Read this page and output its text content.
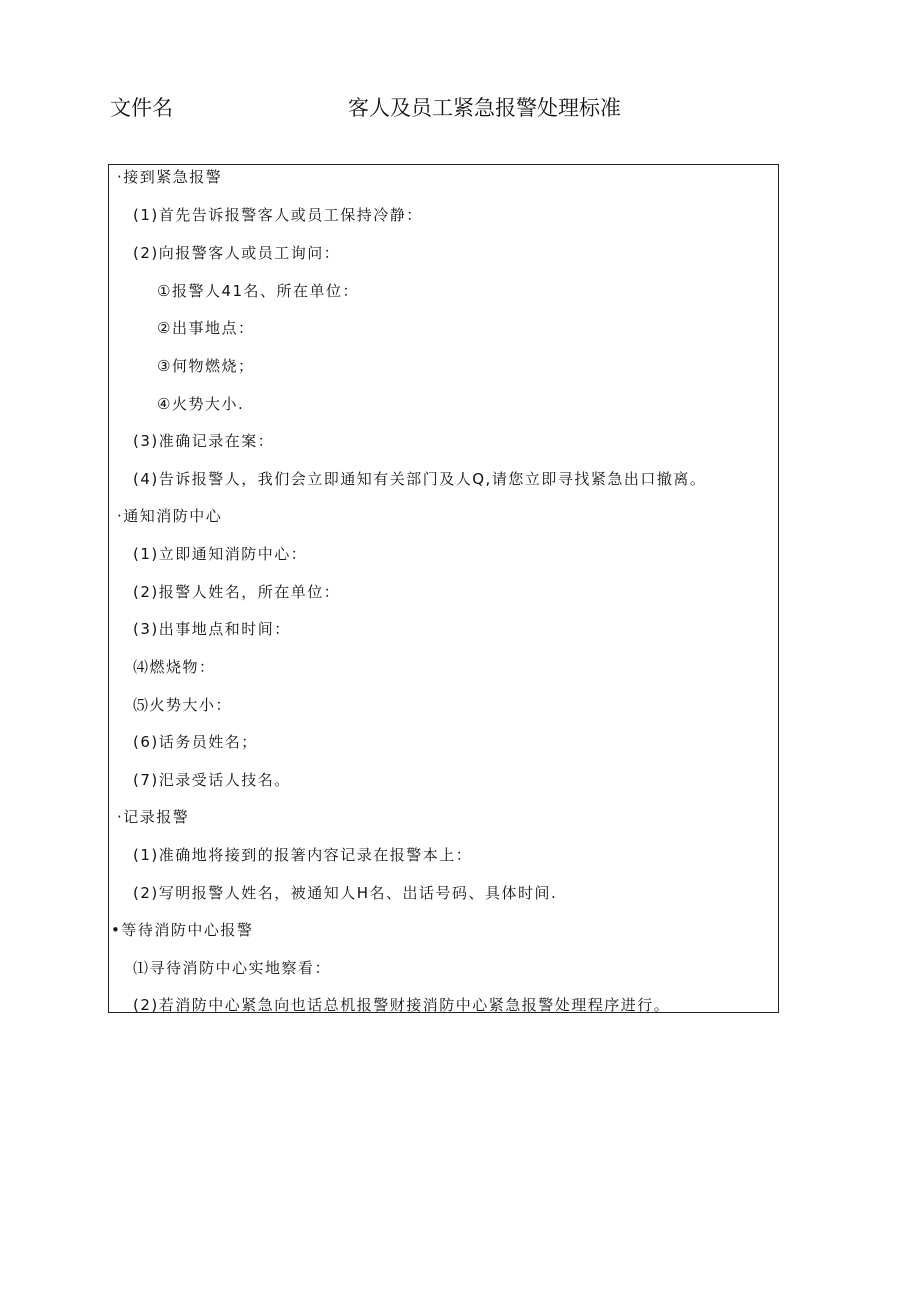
文件名	客人及员工紧急报警处理标准
·接到紧急报警
(1)首先告诉报警客人或员工保持冷静：
(2)向报警客人或员工询问：
①报警人41名、所在单位：
②出事地点：
③何物燃烧；
④火势大小.
(3)准确记录在案：
(4)告诉报警人，我们会立即通知有关部门及人Q,请您立即寻找紧急出口撤离。
·通知消防中心
(1)立即通知消防中心：
(2)报警人姓名，所在单位：
(3)出事地点和时间：
⑷燃烧物：
⑸火势大小：
(6)话务员姓名；
(7)汜录受话人技名。
·记录报警
(1)准确地将接到的报箸内容记录在报警本上：
(2)写明报警人姓名，被通知人H名、岀话号码、具体时间.
•等待消防中心报警
⑴寻待消防中心实地察看：
(2)若消防中心紧急向也话总机报警财接消防中心紧急报警处理程序进行。
